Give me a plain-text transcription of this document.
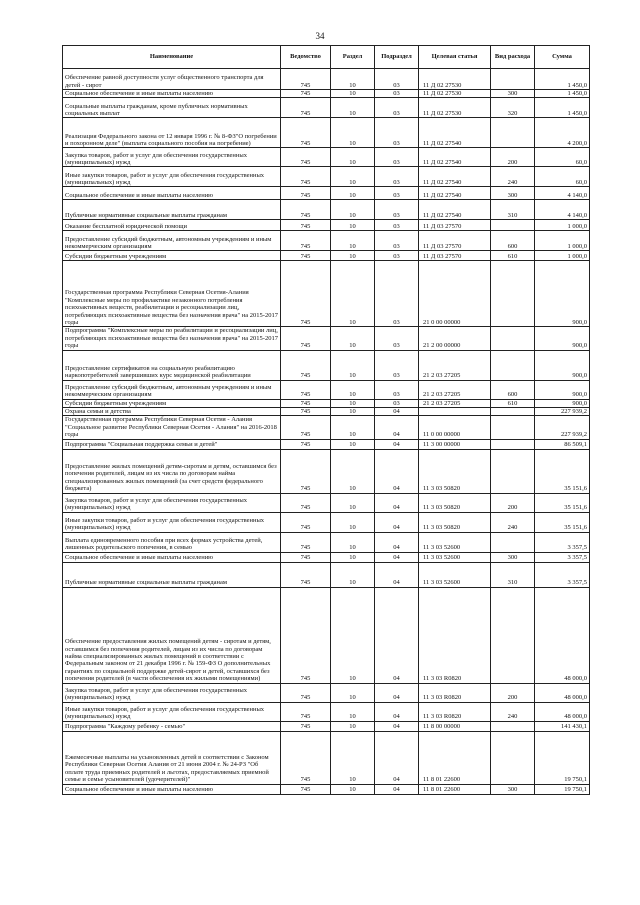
34
Наименование	Ведомство	Раздел	Подраздел	Целевая статья	Вид расхода	Сумма
Обеспечение равной доступности услуг общественного транспорта для детей - сирот	745	10	03	11 Д 02 27530		1 450,0
Социальное обеспечение и иные выплаты населению	745	10	03	11 Д 02 27530	300	1 450,0
Социальные выплаты гражданам, кроме публичных нормативных социальных выплат	745	10	03	11 Д 02 27530	320	1 450,0
Реализация Федерального закона от 12 января 1996 г. № 8-ФЗ"О погребении и похоронном деле" (выплата социального пособия на погребение)	745	10	03	11 Д 02 27540		4 200,0
Закупка товаров, работ и услуг для обеспечения государственных (муниципальных) нужд	745	10	03	11 Д 02 27540	200	60,0
Иные закупки товаров, работ и услуг для обеспечения государственных (муниципальных) нужд	745	10	03	11 Д 02 27540	240	60,0
Социальное обеспечение и иные выплаты населению	745	10	03	11 Д 02 27540	300	4 140,0
Публичные нормативные социальные выплаты гражданам	745	10	03	11 Д 02 27540	310	4 140,0
Оказание бесплатной юридической помощи	745	10	03	11 Д 03 27570		1 000,0
Предоставление субсидий бюджетным, автономным учреждениям и иным некоммерческим организациям	745	10	03	11 Д 03 27570	600	1 000,0
Субсидии бюджетным учреждениям	745	10	03	11 Д 03 27570	610	1 000,0
Государственная программа Республики Северная Осетия-Алания "Комплексные меры по профилактике незаконного потребления психоактивных веществ, реабилитации и ресоциализации лиц, потребляющих психоактивные вещества без назначения врача" на 2015-2017 годы	745	10	03	21 0 00 00000		900,0
Подпрограмма "Комплексные меры по реабилитации и ресоциализации лиц, потребляющих психоактивные вещества без назначения врача" на 2015-2017 годы	745	10	03	21 2 00 00000		900,0
Предоставление сертификатов на социальную реабилитацию наркопотребителей завершивших курс медицинской реабилитации	745	10	03	21 2 03 27205		900,0
Предоставление субсидий бюджетным, автономным учреждениям и иным некоммерческим организациям	745	10	03	21 2 03 27205	600	900,0
Субсидии бюджетным учреждениям	745	10	03	21 2 03 27205	610	900,0
Охрана семьи и детства	745	10	04			227 939,2
Государственная программа Республики Северная Осетия - Алания "Социальное развитие Республики Северная Осетия - Алания" на 2016-2018 годы	745	10	04	11 0 00 00000		227 939,2
Подпрограмма "Социальная поддержка семьи и детей"	745	10	04	11 3 00 00000		86 509,1
Предоставление жилых помещений детям-сиротам и детям, оставшимся без попечения родителей, лицам из их числа по договорам найма специализированных жилых помещений (за счет средств федерального бюджета)	745	10	04	11 3 03 50820		35 151,6
Закупка товаров, работ и услуг для обеспечения государственных (муниципальных) нужд	745	10	04	11 3 03 50820	200	35 151,6
Иные закупки товаров, работ и услуг для обеспечения государственных (муниципальных) нужд	745	10	04	11 3 03 50820	240	35 151,6
Выплата единовременного пособия при всех формах устройства детей, лишенных родительского попечения, в семью	745	10	04	11 3 03 52600		3 357,5
Социальное обеспечение и иные выплаты населению	745	10	04	11 3 03 52600	300	3 357,5
Публичные нормативные социальные выплаты гражданам	745	10	04	11 3 03 52600	310	3 357,5
Обеспечение предоставления жилых помещений детям - сиротам и детям, оставшимся без попечения родителей, лицам из их числа по договорам найма специализированных жилых помещений в соответствии с Федеральным законом от 21 декабря 1996 г. № 159-ФЗ О дополнительных гарантиях по социальной поддержке детей-сирот и детей, оставшихся без попечения родителей (в части обеспечения их жилыми помещениями)	745	10	04	11 3 03 R0820		48 000,0
Закупка товаров, работ и услуг для обеспечения государственных (муниципальных) нужд	745	10	04	11 3 03 R0820	200	48 000,0
Иные закупки товаров, работ и услуг для обеспечения государственных (муниципальных) нужд	745	10	04	11 3 03 R0820	240	48 000,0
Подпрограмма "Каждому ребенку - семью"	745	10	04	11 8 00 00000		141 430,1
Ежемесячные выплаты на усыновленных детей в соответствии с Законом Республики Северная Осетия Алания от 21 июня 2004 г. № 24-РЗ "Об оплате труда приемных родителей и льготах, предоставляемых приемной семье и семье усыновителей (удочерителей)"	745	10	04	11 8 01 22600		19 750,1
Социальное обеспечение и иные выплаты населению	745	10	04	11 8 01 22600	300	19 750,1
